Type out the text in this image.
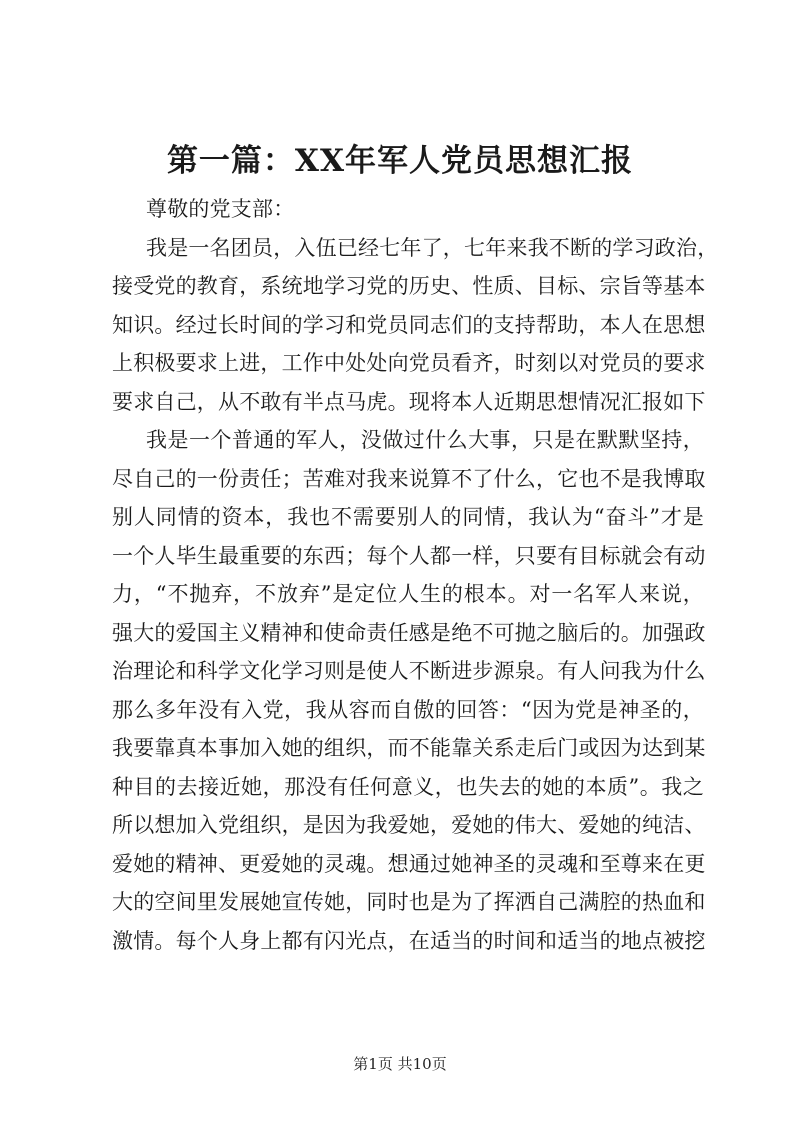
第一篇：XX年军人党员思想汇报
尊敬的党支部：
我是一名团员，入伍已经七年了，七年来我不断的学习政治，
接受党的教育，系统地学习党的历史、性质、目标、宗旨等基本
知识。经过长时间的学习和党员同志们的支持帮助，本人在思想
上积极要求上进，工作中处处向党员看齐，时刻以对党员的要求
要求自己，从不敢有半点马虎。现将本人近期思想情况汇报如下
我是一个普通的军人，没做过什么大事，只是在默默坚持，
尽自己的一份责任；苦难对我来说算不了什么，它也不是我博取
别人同情的资本，我也不需要别人的同情，我认为“奋斗”才是
一个人毕生最重要的东西；每个人都一样，只要有目标就会有动
力，“不抛弃，不放弃”是定位人生的根本。对一名军人来说，
强大的爱国主义精神和使命责任感是绝不可抛之脑后的。加强政
治理论和科学文化学习则是使人不断进步源泉。有人问我为什么
那么多年没有入党，我从容而自傲的回答：“因为党是神圣的，
我要靠真本事加入她的组织，而不能靠关系走后门或因为达到某
种目的去接近她，那没有任何意义，也失去的她的本质”。我之
所以想加入党组织，是因为我爱她，爱她的伟大、爱她的纯洁、
爱她的精神、更爱她的灵魂。想通过她神圣的灵魂和至尊来在更
大的空间里发展她宣传她，同时也是为了挥洒自己满腔的热血和
激情。每个人身上都有闪光点，在适当的时间和适当的地点被挖
第1页 共10页
